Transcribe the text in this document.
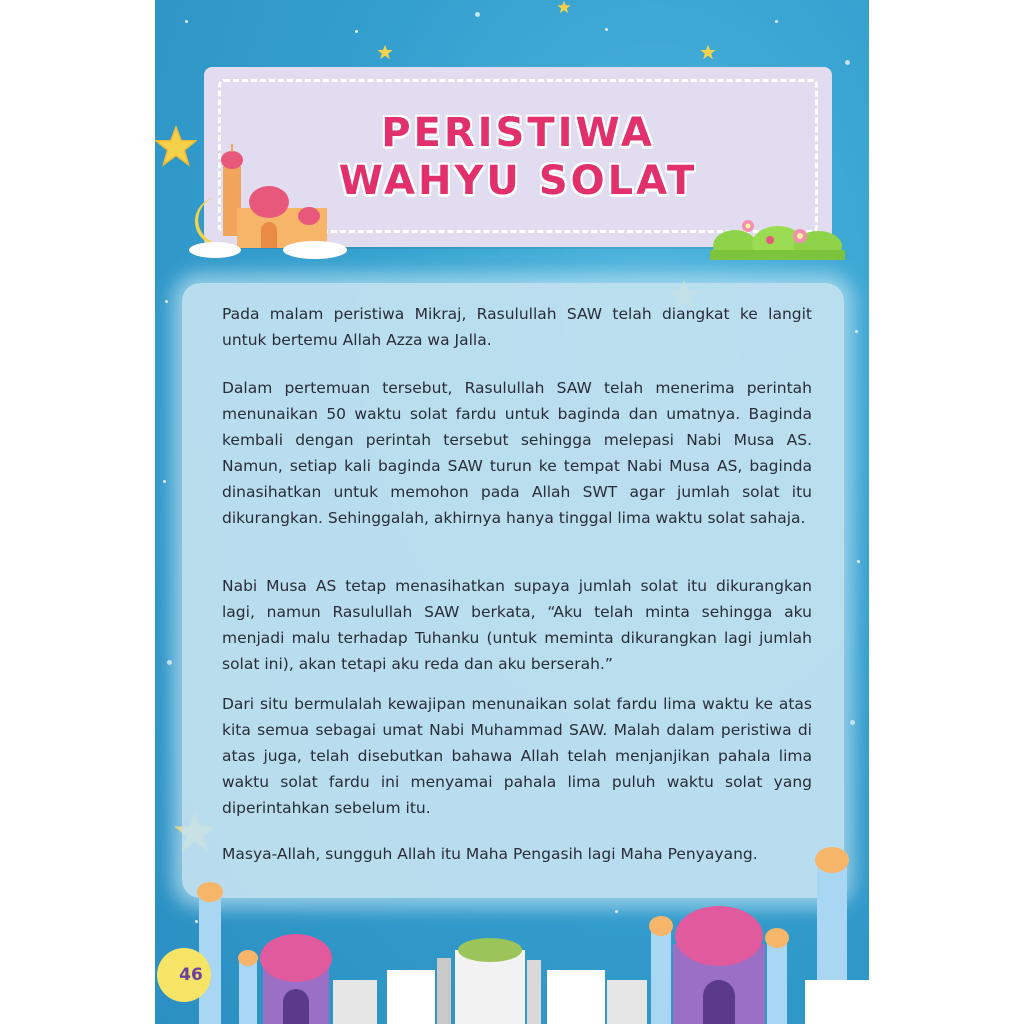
PERISTIWA
WAHYU SOLAT

Pada malam peristiwa Mikraj, Rasulullah SAW telah diangkat ke langit untuk bertemu Allah Azza wa Jalla.

Dalam pertemuan tersebut, Rasulullah SAW telah menerima perintah menunaikan 50 waktu solat fardu untuk baginda dan umatnya. Baginda kembali dengan perintah tersebut sehingga melepasi Nabi Musa AS. Namun, setiap kali baginda SAW turun ke tempat Nabi Musa AS, baginda dinasihatkan untuk memohon pada Allah SWT agar jumlah solat itu dikurangkan. Sehinggalah, akhirnya hanya tinggal lima waktu solat sahaja.

Nabi Musa AS tetap menasihatkan supaya jumlah solat itu dikurangkan lagi, namun Rasulullah SAW berkata, “Aku telah minta sehingga aku menjadi malu terhadap Tuhanku (untuk meminta dikurangkan lagi jumlah solat ini), akan tetapi aku reda dan aku berserah.”

Dari situ bermulalah kewajipan menunaikan solat fardu lima waktu ke atas kita semua sebagai umat Nabi Muhammad SAW. Malah dalam peristiwa di atas juga, telah disebutkan bahawa Allah telah menjanjikan pahala lima waktu solat fardu ini menyamai pahala lima puluh waktu solat yang diperintahkan sebelum itu.

Masya-Allah, sungguh Allah itu Maha Pengasih lagi Maha Penyayang.

46
